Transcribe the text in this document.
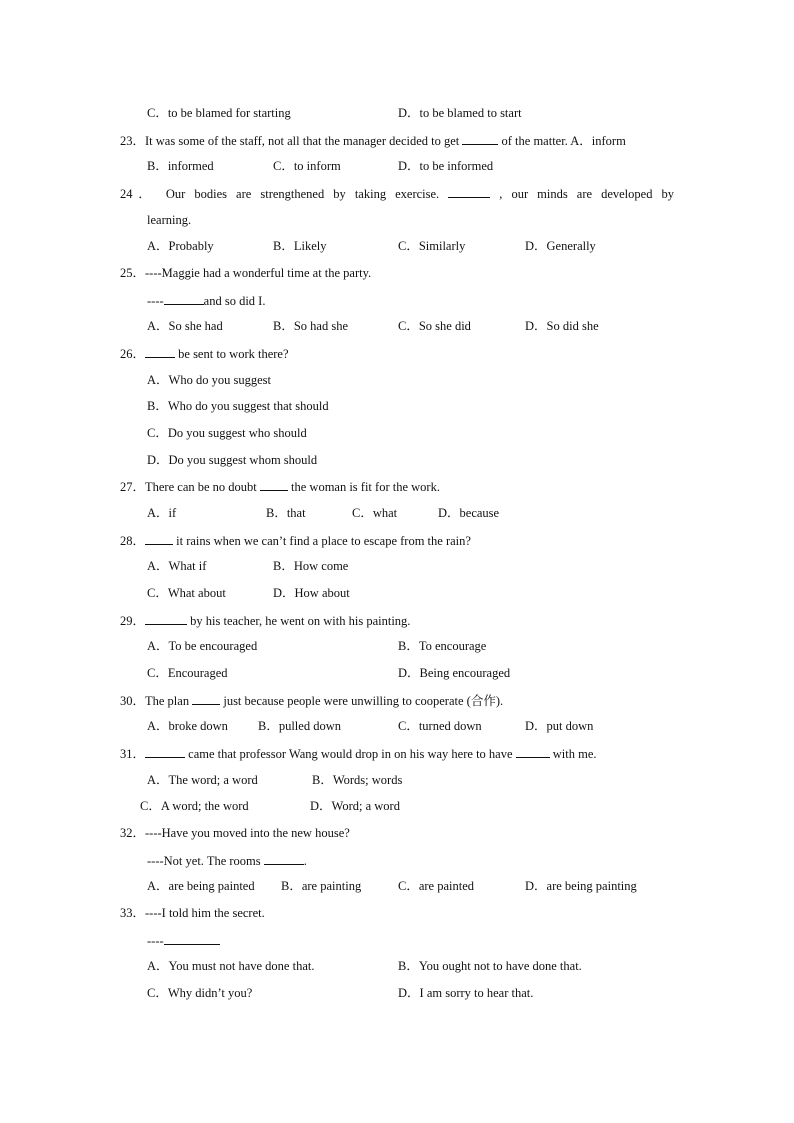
C．to be blamed for starting	D．to be blamed to start
23．It was some of the staff, not all that the manager decided to get	of the matter. A．inform
B．informed	C．to inform	D．to be informed
24． Our bodies are strengthened by taking exercise.	, our minds are developed by
learning.
A．Probably	B．Likely	C．Similarly	D．Generally
25．----Maggie had a wonderful time at the party.
----	and so did I.
A．So she had	B．So had she	C．So she did	D．So did she
26． be sent to work there?
A．Who do you suggest
B．Who do you suggest that should
C．Do you suggest who should
D．Do you suggest whom should
27．There can be no doubt	the woman is fit for the work.
A．if	B．that	C．what	D．because
28． it rains when we can’t find a place to escape from the rain?
A．What if	B．How come
C．What about	D．How about
29．	by his teacher, he went on with his painting.
A．To be encouraged	B．To encourage
C．Encouraged	D．Being encouraged
30．The plan	just because people were unwilling to cooperate (合作).
A．broke down B．pulled down	C．turned down	D．put down
31．	came that professor Wang would drop in on his way here to have	with me.
A．The word; a word	B．Words; words
C．A word; the word	D．Word; a word
32．----Have you moved into the new house?
----Not yet. The rooms	.
A．are being painted B．are painting	C．are painted	D．are being painting
33．----I told him the secret.
----
A．You must not have done that.	B．You ought not to have done that.
C．Why didn’t you?	D．I am sorry to hear that.
